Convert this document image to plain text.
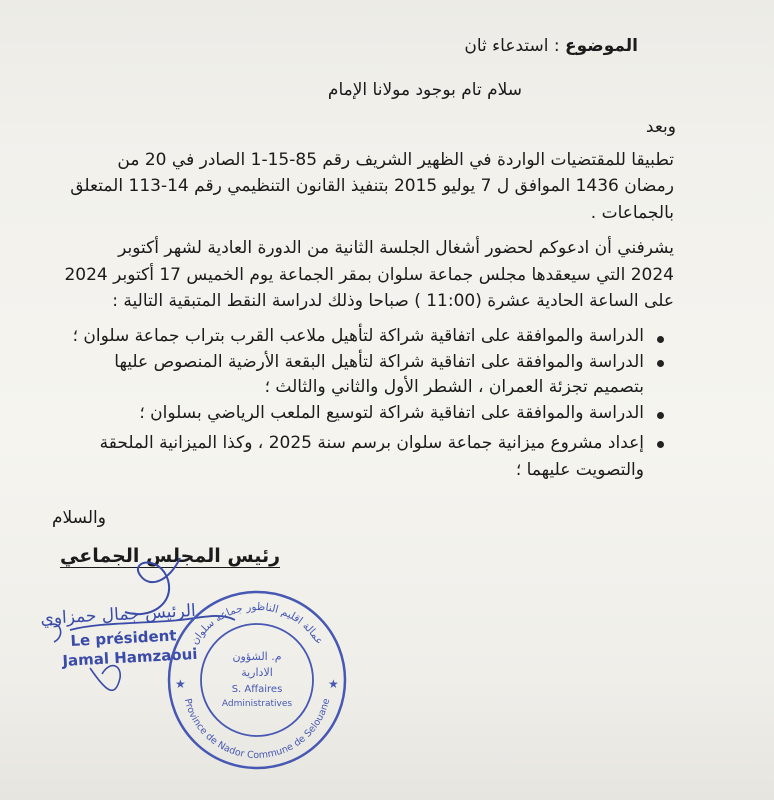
الموضوع : استدعاء ثان
سلام تام بوجود مولانا الإمام
وبعد
تطبيقا للمقتضيات الواردة في الظهير الشريف رقم 85-15-1 الصادر في 20 من
رمضان 1436 الموافق ل 7 يوليو 2015 بتنفيذ القانون التنظيمي رقم 14-113 المتعلق
بالجماعات .
يشرفني أن ادعوكم لحضور أشغال الجلسة الثانية من الدورة العادية لشهر أكتوبر
2024 التي سيعقدها مجلس جماعة سلوان بمقر الجماعة يوم الخميس 17 أكتوبر 2024
على الساعة الحادية عشرة (11:00 ) صباحا وذلك لدراسة النقط المتبقية التالية :
الدراسة والموافقة على اتفاقية شراكة لتأهيل ملاعب القرب بتراب جماعة سلوان ؛
الدراسة والموافقة على اتفاقية شراكة لتأهيل البقعة الأرضية المنصوص عليها
بتصميم تجزئة العمران ، الشطر الأول والثاني والثالث ؛
الدراسة والموافقة على اتفاقية شراكة لتوسيع الملعب الرياضي بسلوان ؛
إعداد مشروع ميزانية جماعة سلوان برسم سنة 2025 ، وكذا الميزانية الملحقة
والتصويت عليهما ؛
والسلام
رئيس المجلس الجماعي
الرئيس جمال حمزاوي
Le président
Jamal Hamzaoui
عمالة اقليم الناظور جماعة سلوان
Province de Nador Commune de Selouane
م. الشؤون
الادارية
S. Affaires
Administratives
★	★
